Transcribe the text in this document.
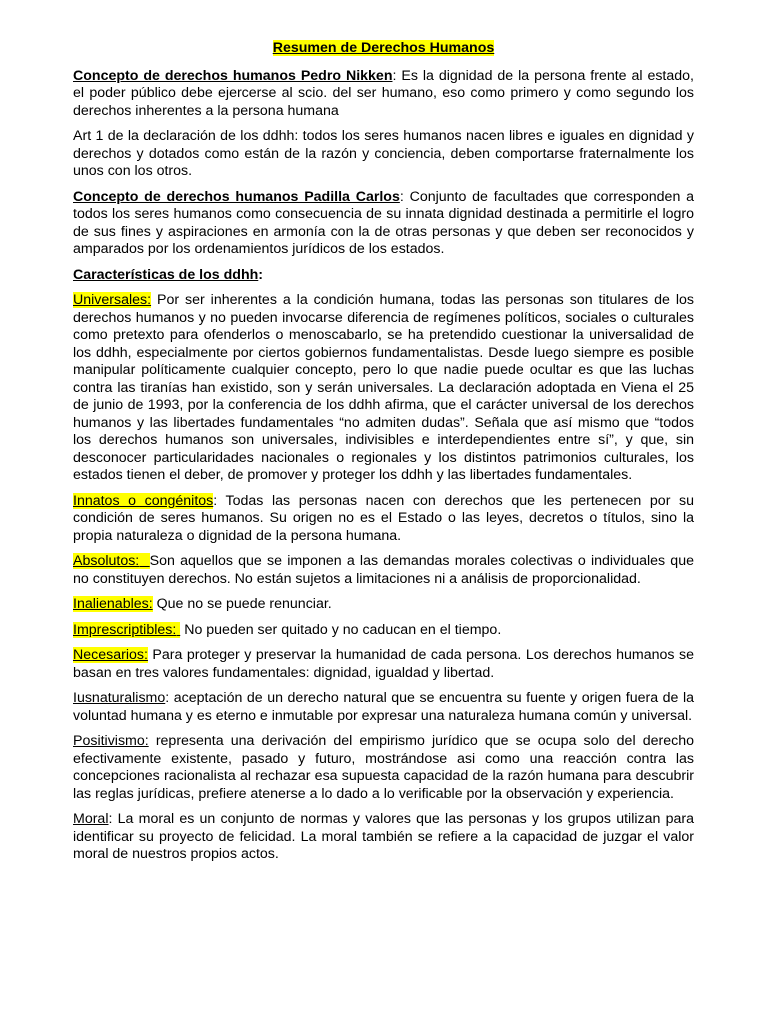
Resumen de Derechos Humanos

Concepto de derechos humanos Pedro Nikken: Es la dignidad de la persona frente al estado, el poder público debe ejercerse al scio. del ser humano, eso como primero y como segundo los derechos inherentes a la persona humana

Art 1 de la declaración de los ddhh: todos los seres humanos nacen libres e iguales en dignidad y derechos y dotados como están de la razón y conciencia, deben comportarse fraternalmente los unos con los otros.

Concepto de derechos humanos Padilla Carlos: Conjunto de facultades que corresponden a todos los seres humanos como consecuencia de su innata dignidad destinada a permitirle el logro de sus fines y aspiraciones en armonía con la de otras personas y que deben ser reconocidos y amparados por los ordenamientos jurídicos de los estados.

Características de los ddhh:

Universales: Por ser inherentes a la condición humana, todas las personas son titulares de los derechos humanos y no pueden invocarse diferencia de regímenes políticos, sociales o culturales como pretexto para ofenderlos o menoscabarlo, se ha pretendido cuestionar la universalidad de los ddhh, especialmente por ciertos gobiernos fundamentalistas. Desde luego siempre es posible manipular políticamente cualquier concepto, pero lo que nadie puede ocultar es que las luchas contra las tiranías han existido, son y serán universales. La declaración adoptada en Viena el 25 de junio de 1993, por la conferencia de los ddhh afirma, que el carácter universal de los derechos humanos y las libertades fundamentales “no admiten dudas”. Señala que así mismo que “todos los derechos humanos son universales, indivisibles e interdependientes entre sí”, y que, sin desconocer particularidades nacionales o regionales y los distintos patrimonios culturales, los estados tienen el deber, de promover y proteger los ddhh y las libertades fundamentales.

Innatos o congénitos: Todas las personas nacen con derechos que les pertenecen por su condición de seres humanos. Su origen no es el Estado o las leyes, decretos o títulos, sino la propia naturaleza o dignidad de la persona humana.

Absolutos: Son aquellos que se imponen a las demandas morales colectivas o individuales que no constituyen derechos. No están sujetos a limitaciones ni a análisis de proporcionalidad.

Inalienables: Que no se puede renunciar.

Imprescriptibles:  No pueden ser quitado y no caducan en el tiempo.

Necesarios: Para proteger y preservar la humanidad de cada persona. Los derechos humanos se basan en tres valores fundamentales: dignidad, igualdad y libertad.

Iusnaturalismo: aceptación de un derecho natural que se encuentra su fuente y origen fuera de la voluntad humana y es eterno e inmutable por expresar una naturaleza humana común y universal.

Positivismo: representa una derivación del empirismo jurídico que se ocupa solo del derecho efectivamente existente, pasado y futuro, mostrándose asi como una reacción contra las concepciones racionalista al rechazar esa supuesta capacidad de la razón humana para descubrir las reglas jurídicas, prefiere atenerse a lo dado a lo verificable por la observación y experiencia.

Moral: La moral es un conjunto de normas y valores que las personas y los grupos utilizan para identificar su proyecto de felicidad. La moral también se refiere a la capacidad de juzgar el valor moral de nuestros propios actos.
